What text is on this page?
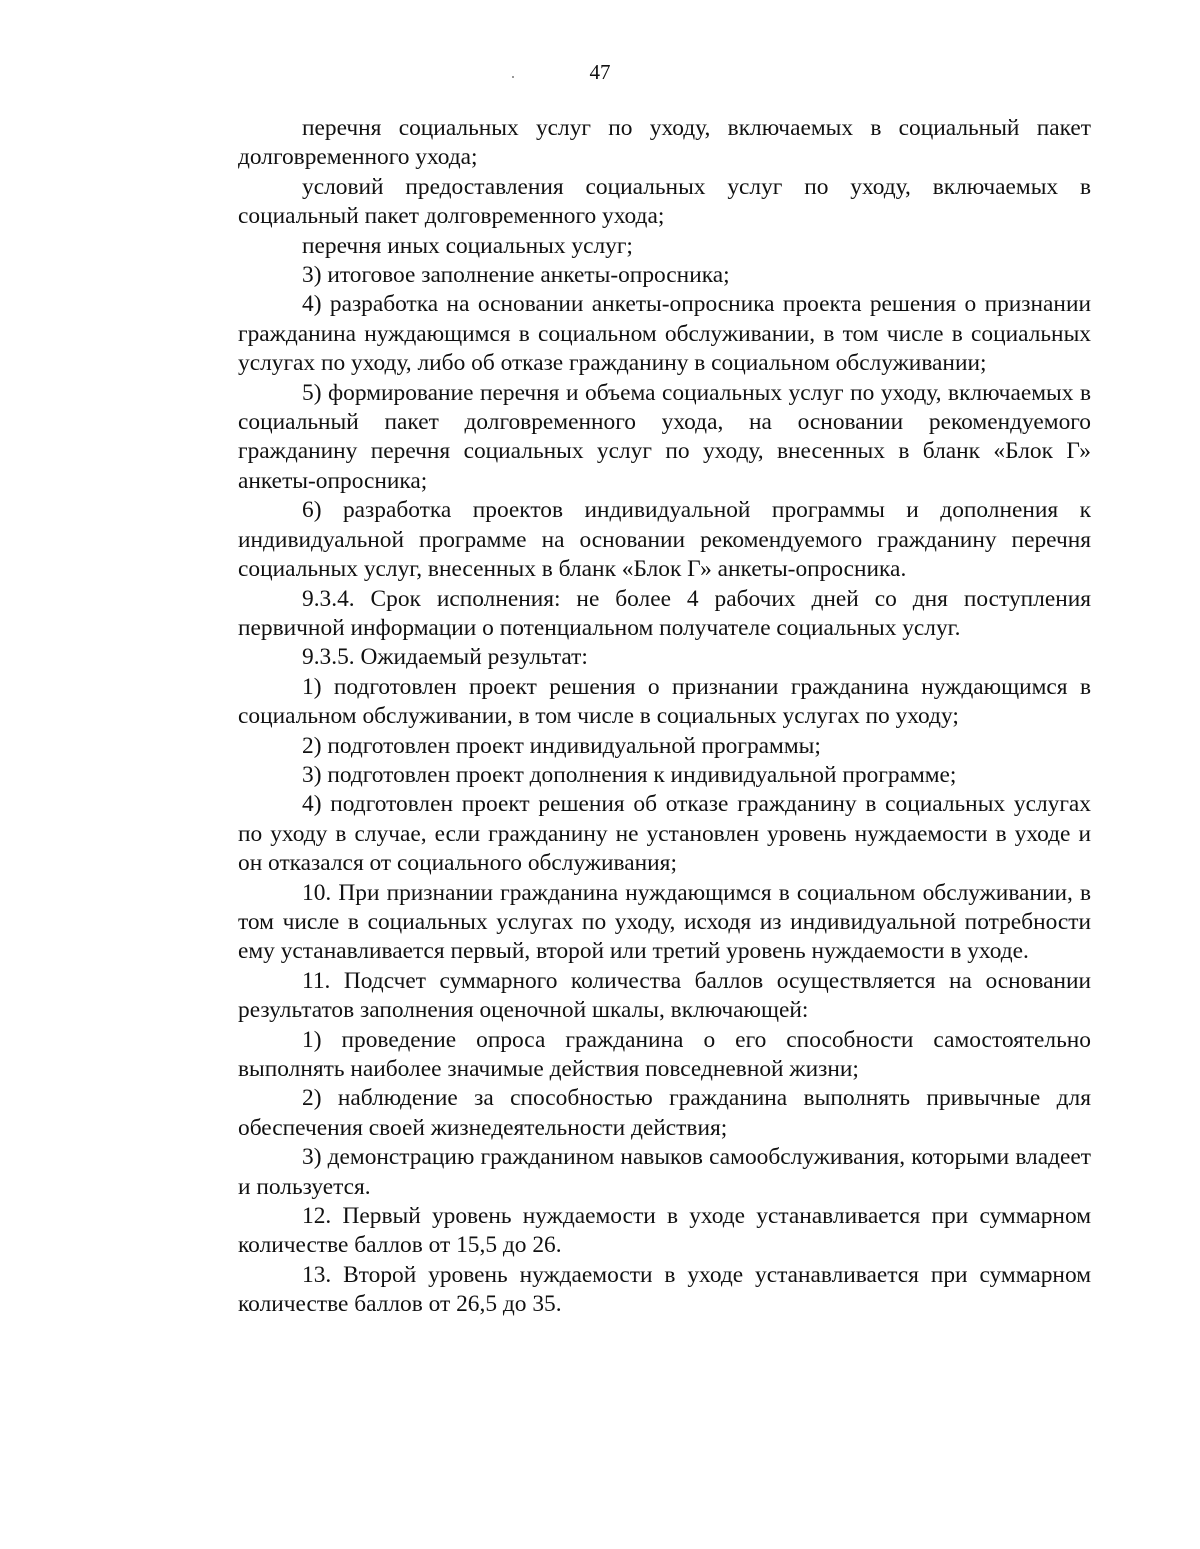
47

перечня социальных услуг по уходу, включаемых в социальный пакет долговременного ухода;

условий предоставления социальных услуг по уходу, включаемых в социальный пакет долговременного ухода;

перечня иных социальных услуг;

3) итоговое заполнение анкеты-опросника;

4) разработка на основании анкеты-опросника проекта решения о признании гражданина нуждающимся в социальном обслуживании, в том числе в социальных услугах по уходу, либо об отказе гражданину в социальном обслуживании;

5) формирование перечня и объема социальных услуг по уходу, включаемых в социальный пакет долговременного ухода, на основании рекомендуемого гражданину перечня социальных услуг по уходу, внесенных в бланк «Блок Г» анкеты-опросника;

6) разработка проектов индивидуальной программы и дополнения к индивидуальной программе на основании рекомендуемого гражданину перечня социальных услуг, внесенных в бланк «Блок Г» анкеты-опросника.

9.3.4. Срок исполнения: не более 4 рабочих дней со дня поступления первичной информации о потенциальном получателе социальных услуг.

9.3.5. Ожидаемый результат:

1) подготовлен проект решения о признании гражданина нуждающимся в социальном обслуживании, в том числе в социальных услугах по уходу;

2) подготовлен проект индивидуальной программы;

3) подготовлен проект дополнения к индивидуальной программе;

4) подготовлен проект решения об отказе гражданину в социальных услугах по уходу в случае, если гражданину не установлен уровень нуждаемости в уходе и он отказался от социального обслуживания;

10. При признании гражданина нуждающимся в социальном обслуживании, в том числе в социальных услугах по уходу, исходя из индивидуальной потребности ему устанавливается первый, второй или третий уровень нуждаемости в уходе.

11. Подсчет суммарного количества баллов осуществляется на основании результатов заполнения оценочной шкалы, включающей:

1) проведение опроса гражданина о его способности самостоятельно выполнять наиболее значимые действия повседневной жизни;

2) наблюдение за способностью гражданина выполнять привычные для обеспечения своей жизнедеятельности действия;

3) демонстрацию гражданином навыков самообслуживания, которыми владеет и пользуется.

12. Первый уровень нуждаемости в уходе устанавливается при суммарном количестве баллов от 15,5 до 26.

13. Второй уровень нуждаемости в уходе устанавливается при суммарном количестве баллов от 26,5 до 35.
